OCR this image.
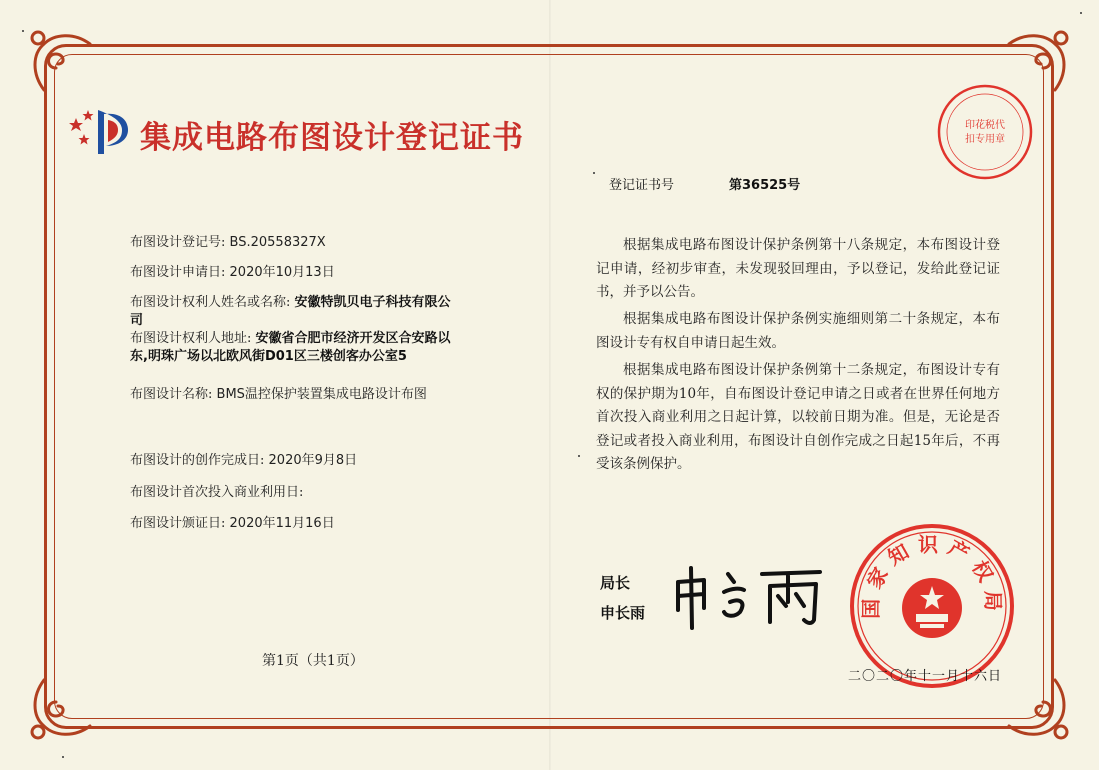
集成电路布图设计登记证书
布图设计登记号: BS.20558327X
布图设计申请日: 2020年10月13日
布图设计权利人姓名或名称: 安徽特凯贝电子科技有限公司
布图设计权利人地址: 安徽省合肥市经济开发区合安路以东,明珠广场以北欧风街D01区三楼创客办公室5
布图设计名称: BMS温控保护装置集成电路设计布图
布图设计的创作完成日: 2020年9月8日
布图设计首次投入商业利用日:
布图设计颁证日: 2020年11月16日
第1页（共1页）
登记证书号	第36525号
根据集成电路布图设计保护条例第十八条规定，本布图设计登记申请，经初步审查，未发现驳回理由，予以登记，发给此登记证书，并予以公告。
根据集成电路布图设计保护条例实施细则第二十条规定，本布图设计专有权自申请日起生效。
根据集成电路布图设计保护条例第十二条规定，布图设计专有权的保护期为10年，自布图设计登记申请之日或者在世界任何地方首次投入商业利用之日起计算，以较前日期为准。但是，无论是否登记或者投入商业利用，布图设计自创作完成之日起15年后，不再受该条例保护。
局长
申长雨	国家知识产权局
印花税代扣专用章
二〇二〇年十一月十六日
